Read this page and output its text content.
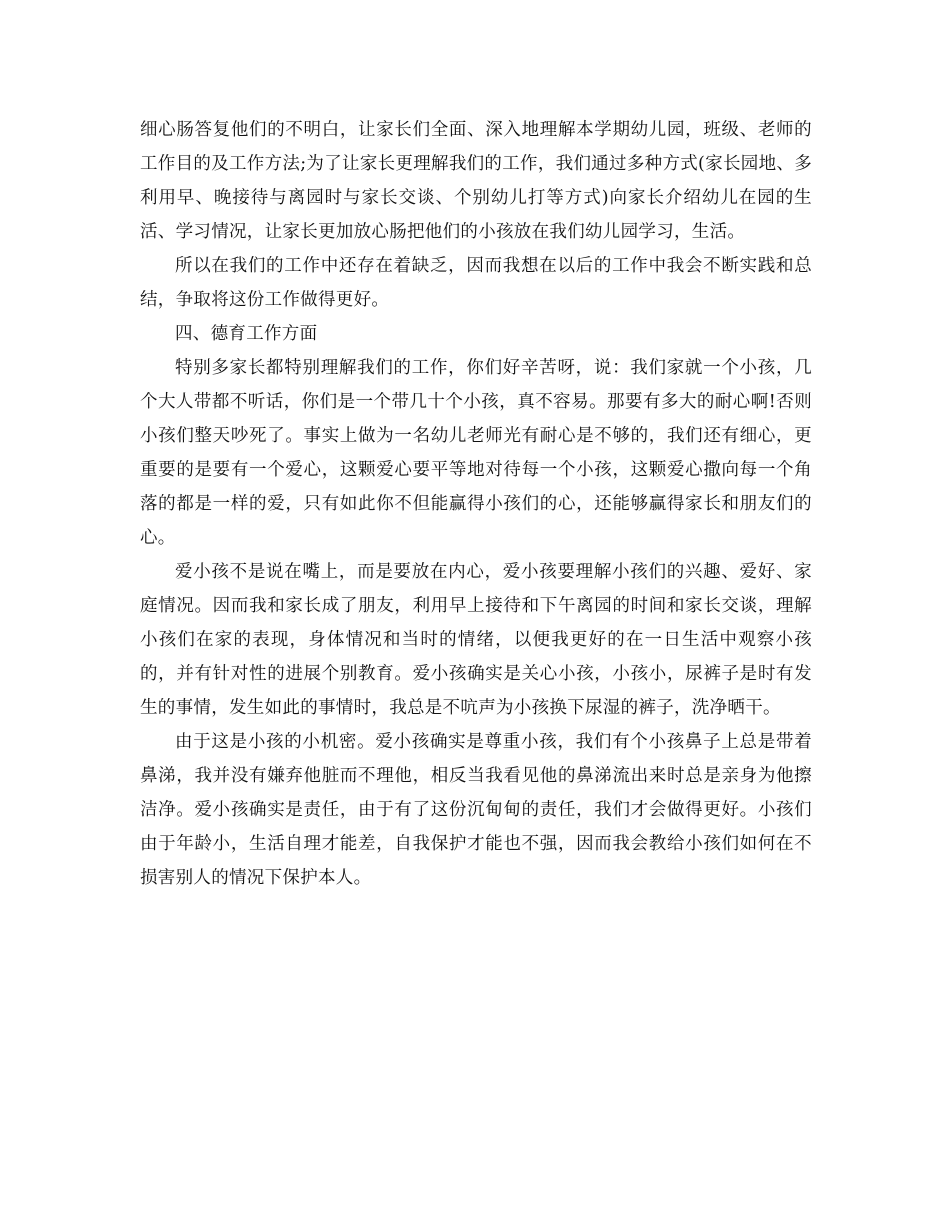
细心肠答复他们的不明白，让家长们全面、深入地理解本学期幼儿园，班级、老师的工作目的及工作方法;为了让家长更理解我们的工作，我们通过多种方式(家长园地、多利用早、晚接待与离园时与家长交谈、个别幼儿打等方式)向家长介绍幼儿在园的生活、学习情况，让家长更加放心肠把他们的小孩放在我们幼儿园学习，生活。

所以在我们的工作中还存在着缺乏，因而我想在以后的工作中我会不断实践和总结，争取将这份工作做得更好。

四、德育工作方面

特别多家长都特别理解我们的工作，你们好辛苦呀，说：我们家就一个小孩，几个大人带都不听话，你们是一个带几十个小孩，真不容易。那要有多大的耐心啊!否则小孩们整天吵死了。事实上做为一名幼儿老师光有耐心是不够的，我们还有细心，更重要的是要有一个爱心，这颗爱心要平等地对待每一个小孩，这颗爱心撒向每一个角落的都是一样的爱，只有如此你不但能赢得小孩们的心，还能够赢得家长和朋友们的心。

爱小孩不是说在嘴上，而是要放在内心，爱小孩要理解小孩们的兴趣、爱好、家庭情况。因而我和家长成了朋友，利用早上接待和下午离园的时间和家长交谈，理解小孩们在家的表现，身体情况和当时的情绪，以便我更好的在一日生活中观察小孩的，并有针对性的进展个别教育。爱小孩确实是关心小孩，小孩小，尿裤子是时有发生的事情，发生如此的事情时，我总是不吭声为小孩换下尿湿的裤子，洗净晒干。

由于这是小孩的小机密。爱小孩确实是尊重小孩，我们有个小孩鼻子上总是带着鼻涕，我并没有嫌弃他脏而不理他，相反当我看见他的鼻涕流出来时总是亲身为他擦洁净。爱小孩确实是责任，由于有了这份沉甸甸的责任，我们才会做得更好。小孩们由于年龄小，生活自理才能差，自我保护才能也不强，因而我会教给小孩们如何在不损害别人的情况下保护本人。
